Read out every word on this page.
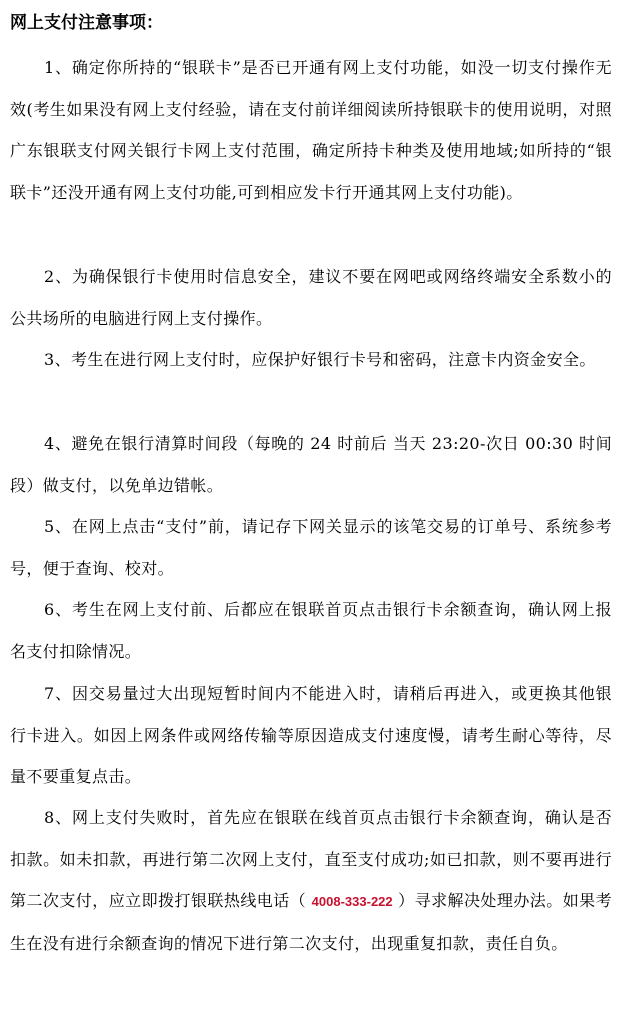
网上支付注意事项：
1、确定你所持的“银联卡”是否已开通有网上支付功能，如没一切支付操作无效(考生如果没有网上支付经验，请在支付前详细阅读所持银联卡的使用说明，对照广东银联支付网关银行卡网上支付范围，确定所持卡种类及使用地域;如所持的“银联卡”还没开通有网上支付功能,可到相应发卡行开通其网上支付功能)。
2、为确保银行卡使用时信息安全，建议不要在网吧或网络终端安全系数小的公共场所的电脑进行网上支付操作。
3、考生在进行网上支付时，应保护好银行卡号和密码，注意卡内资金安全。
4、避免在银行清算时间段（每晚的 24 时前后 当天 23:20-次日 00:30 时间段）做支付，以免单边错帐。
5、在网上点击“支付”前，请记存下网关显示的该笔交易的订单号、系统参考号，便于查询、校对。
6、考生在网上支付前、后都应在银联首页点击银行卡余额查询，确认网上报名支付扣除情况。
7、因交易量过大出现短暂时间内不能进入时，请稍后再进入，或更换其他银行卡进入。如因上网条件或网络传输等原因造成支付速度慢，请考生耐心等待，尽量不要重复点击。
8、网上支付失败时，首先应在银联在线首页点击银行卡余额查询，确认是否扣款。如未扣款，再进行第二次网上支付，直至支付成功;如已扣款，则不要再进行第二次支付，应立即拨打银联热线电话（ 4008-333-222 ）寻求解决处理办法。如果考生在没有进行余额查询的情况下进行第二次支付，出现重复扣款，责任自负。
